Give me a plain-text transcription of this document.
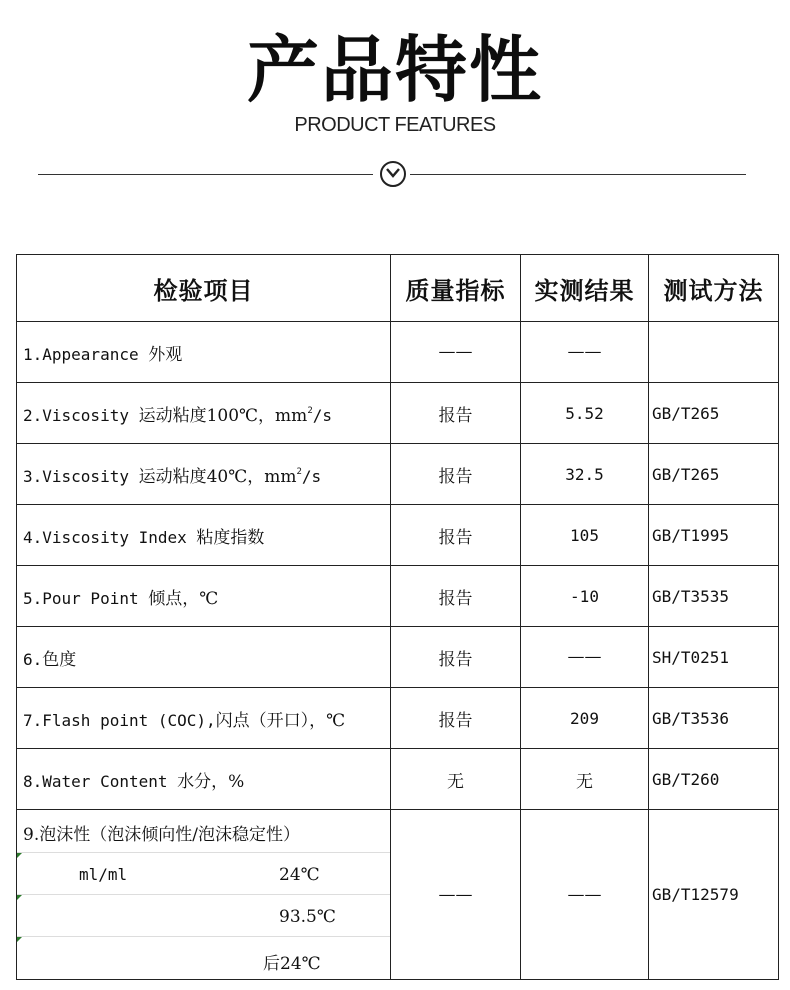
产品特性
PRODUCT FEATURES
检验项目	质量指标	实测结果	测试方法
1.Appearance 外观	——	——	
2.Viscosity 运动粘度100℃，$mm^2/s$	报告	5.52	GB/T265
3.Viscosity 运动粘度40℃，$mm^2/s$	报告	32.5	GB/T265
4.Viscosity Index 粘度指数	报告	105	GB/T1995
5.Pour Point 倾点，℃	报告	-10	GB/T3535
6.色度	报告	——	SH/T0251
7.Flash point (COC),闪点（开口），℃	报告	209	GB/T3536
8.Water Content 水分，%	无	无	GB/T260

9.泡沫性（泡沫倾向性/泡沫稳定性）
ml/ml 24℃
93.5℃
后24℃	——	——	GB/T12579
